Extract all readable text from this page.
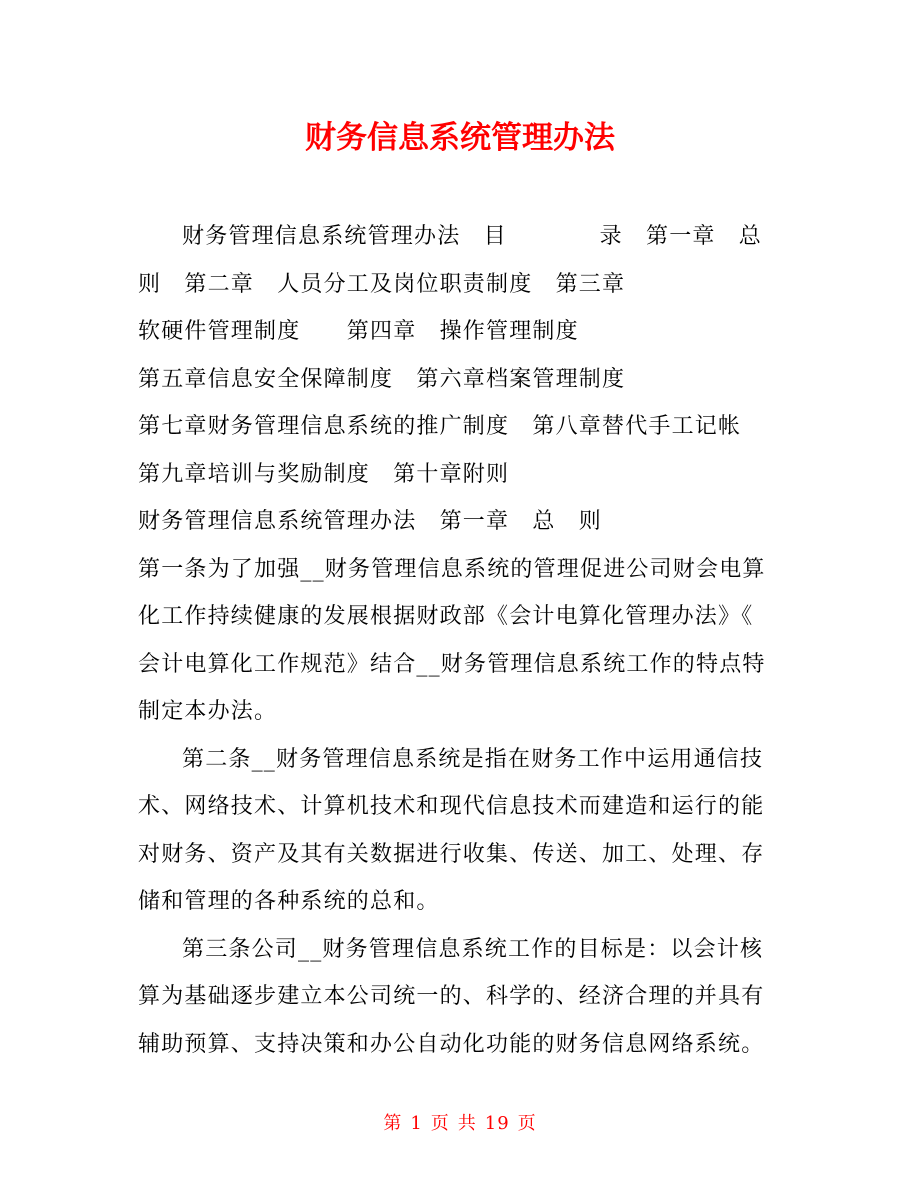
财务信息系统管理办法
财务管理信息系统管理办法　目　　　　录　第一章　总
则　第二章　人员分工及岗位职责制度　第三章
软硬件管理制度　　第四章　操作管理制度
第五章信息安全保障制度　第六章档案管理制度
第七章财务管理信息系统的推广制度　第八章替代手工记帐
第九章培训与奖励制度　第十章附则
财务管理信息系统管理办法　第一章　总　则
第一条为了加强__财务管理信息系统的管理促进公司财会电算
化工作持续健康的发展根据财政部《会计电算化管理办法》《
会计电算化工作规范》结合__财务管理信息系统工作的特点特
制定本办法。
第二条__财务管理信息系统是指在财务工作中运用通信技
术、网络技术、计算机技术和现代信息技术而建造和运行的能
对财务、资产及其有关数据进行收集、传送、加工、处理、存
储和管理的各种系统的总和。
第三条公司__财务管理信息系统工作的目标是：以会计核
算为基础逐步建立本公司统一的、科学的、经济合理的并具有
辅助预算、支持决策和办公自动化功能的财务信息网络系统。
第 1 页 共 19 页
